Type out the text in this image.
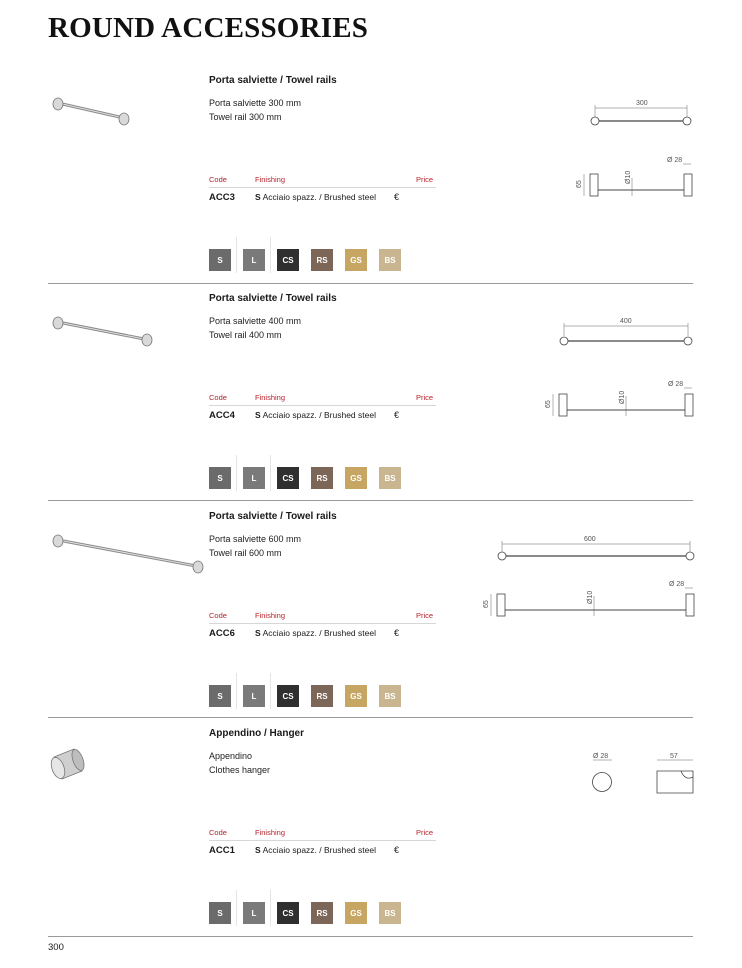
ROUND ACCESSORIES
Porta salviette / Towel rails
Porta salviette 300 mm
Towel rail 300 mm
Code	Finishing	Price
ACC3 S Acciaio spazz. / Brushed steel €
S	L	CS	RS	GS	BS
300
Ø 28
Ø10
65
Porta salviette / Towel rails
Porta salviette 400 mm
Towel rail 400 mm
Code	Finishing	Price
ACC4 S Acciaio spazz. / Brushed steel €
S	L	CS	RS	GS	BS
400
Ø 28
Ø10
65
Porta salviette / Towel rails
Porta salviette 600 mm
Towel rail 600 mm
Code	Finishing	Price
ACC6 S Acciaio spazz. / Brushed steel €
S	L	CS	RS	GS	BS
600
Ø 28
Ø10
65
Appendino / Hanger
Appendino
Clothes hanger
Code	Finishing	Price
ACC1 S Acciaio spazz. / Brushed steel €
S	L	CS	RS	GS	BS
Ø 28	57
300
